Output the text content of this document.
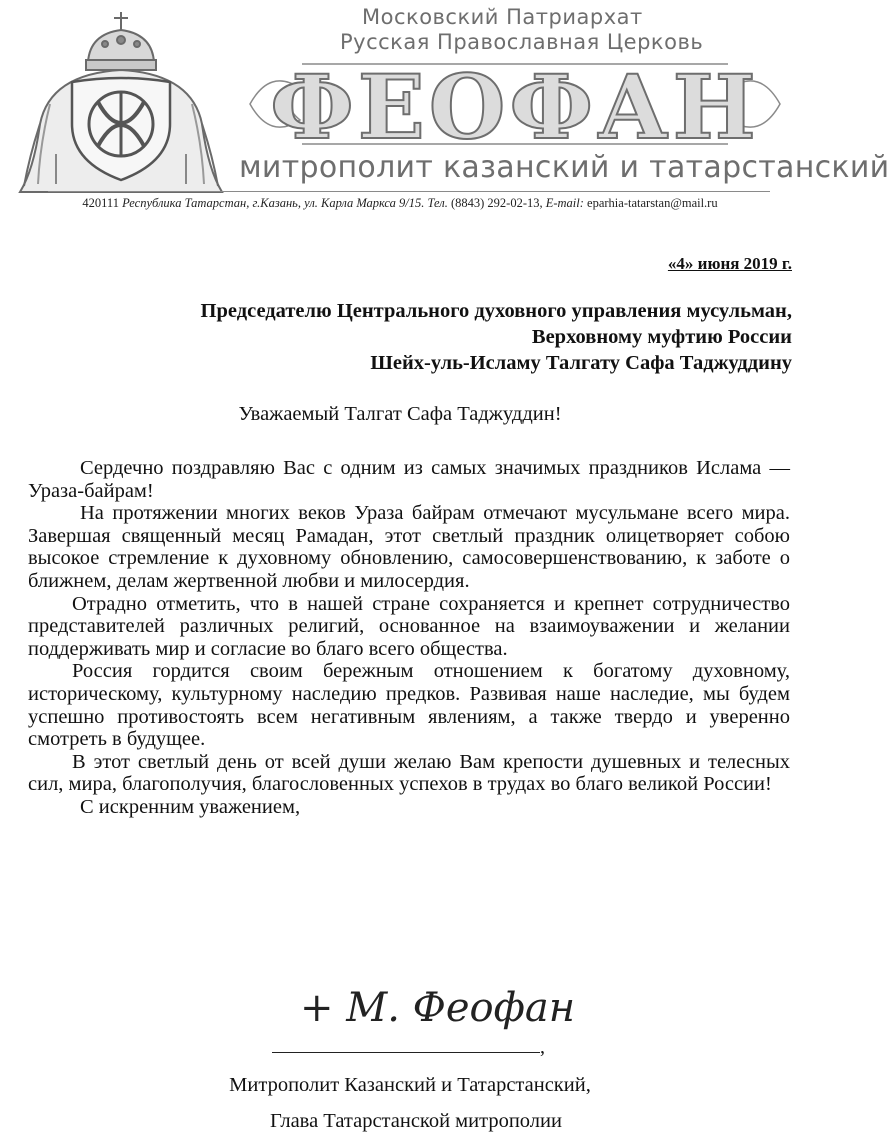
Московский Патриархат
Русская Православная Церковь
ФЕОФАН
митрополит казанский и татарстанский
420111 Республика Татарстан, г.Казань, ул. Карла Маркса 9/15. Тел. (8843) 292-02-13, E-mail: eparhia-tatarstan@mail.ru
«4» июня 2019 г.
Председателю Центрального духовного управления мусульман,
Верховному муфтию России
Шейх-уль-Исламу Талгату Сафа Таджуддину
Уважаемый Талгат Сафа Таджуддин!

Сердечно поздравляю Вас с одним из самых значимых праздников Ислама — Ураза-байрам!

На протяжении многих веков Ураза байрам отмечают мусульмане всего мира. Завершая священный месяц Рамадан, этот светлый праздник олицетворяет собою высокое стремление к духовному обновлению, самосовершенствованию, к заботе о ближнем, делам жертвенной любви и милосердия.

Отрадно отметить, что в нашей стране сохраняется и крепнет сотрудничество представителей различных религий, основанное на взаимоуважении и желании поддерживать мир и согласие во благо всего общества.

Россия гордится своим бережным отношением к богатому духовному, историческому, культурному наследию предков. Развивая наше наследие, мы будем успешно противостоять всем негативным явлениям, а также твердо и уверенно смотреть в будущее.

В этот светлый день от всей души желаю Вам крепости душевных и телесных сил, мира, благополучия, благословенных успехов в трудах во благо великой России!

С искренним уважением,

+ М. Феофан
,
Митрополит Казанский и Татарстанский,
Глава Татарстанской митрополии
